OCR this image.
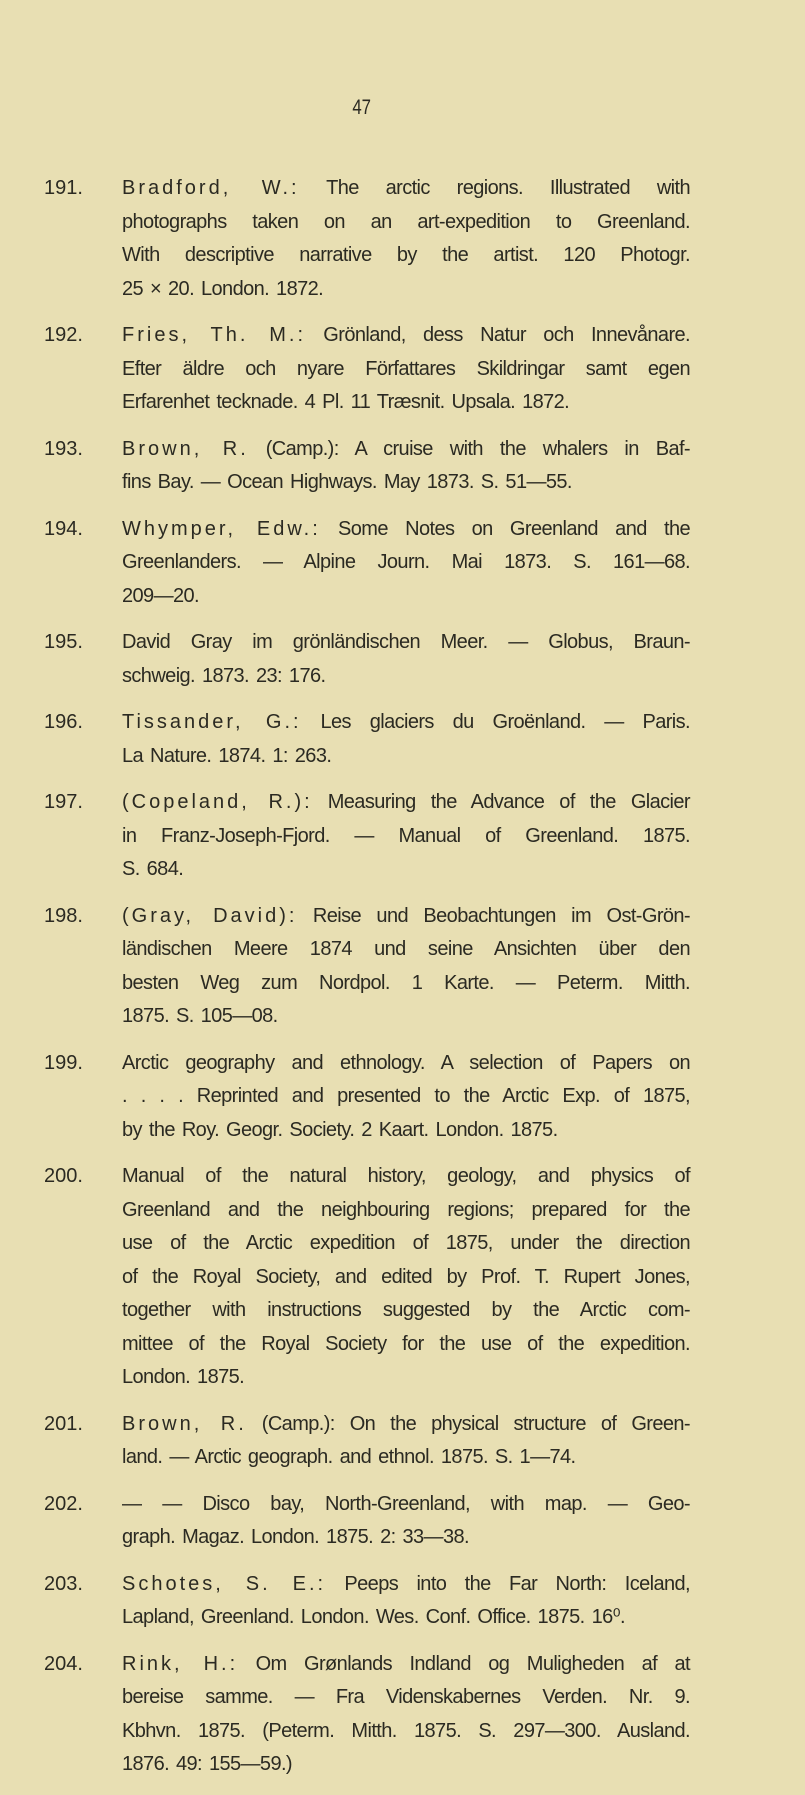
47
191.	Bradford, W.: The arctic regions. Illustrated with
photographs taken on an art-expedition to Greenland.
With descriptive narrative by the artist. 120 Photogr.
25 × 20. London. 1872.
192.	Fries, Th. M.: Grönland, dess Natur och Innevånare.
Efter äldre och nyare Författares Skildringar samt egen
Erfarenhet tecknade. 4 Pl. 11 Træsnit. Upsala. 1872.
193.	Brown, R. (Camp.): A cruise with the whalers in Baf-
fins Bay. — Ocean Highways. May 1873. S. 51—55.
194.	Whymper, Edw.: Some Notes on Greenland and the
Greenlanders. — Alpine Journ. Mai 1873. S. 161—68.
209—20.
195.	David Gray im grönländischen Meer. — Globus, Braun-
schweig. 1873. 23: 176.
196.	Tissander, G.: Les glaciers du Groënland. — Paris.
La Nature. 1874. 1: 263.
197.	(Copeland, R.): Measuring the Advance of the Glacier
in Franz-Joseph-Fjord. — Manual of Greenland. 1875.
S. 684.
198.	(Gray, David): Reise und Beobachtungen im Ost-Grön-
ländischen Meere 1874 und seine Ansichten über den
besten Weg zum Nordpol. 1 Karte. — Peterm. Mitth.
1875. S. 105—08.
199.	Arctic geography and ethnology. A selection of Papers on
. . . . Reprinted and presented to the Arctic Exp. of 1875,
by the Roy. Geogr. Society. 2 Kaart. London. 1875.
200.	Manual of the natural history, geology, and physics of
Greenland and the neighbouring regions; prepared for the
use of the Arctic expedition of 1875, under the direction
of the Royal Society, and edited by Prof. T. Rupert Jones,
together with instructions suggested by the Arctic com-
mittee of the Royal Society for the use of the expedition.
London. 1875.
201.	Brown, R. (Camp.): On the physical structure of Green-
land. — Arctic geograph. and ethnol. 1875. S. 1—74.
202.	— — Disco bay, North-Greenland, with map. — Geo-
graph. Magaz. London. 1875. 2: 33—38.
203.	Schotes, S. E.: Peeps into the Far North: Iceland,
Lapland, Greenland. London. Wes. Conf. Office. 1875. 16⁰.
204.	Rink, H.: Om Grønlands Indland og Muligheden af at
bereise samme. — Fra Videnskabernes Verden. Nr. 9.
Kbhvn. 1875. (Peterm. Mitth. 1875. S. 297—300. Ausland.
1876. 49: 155—59.)
